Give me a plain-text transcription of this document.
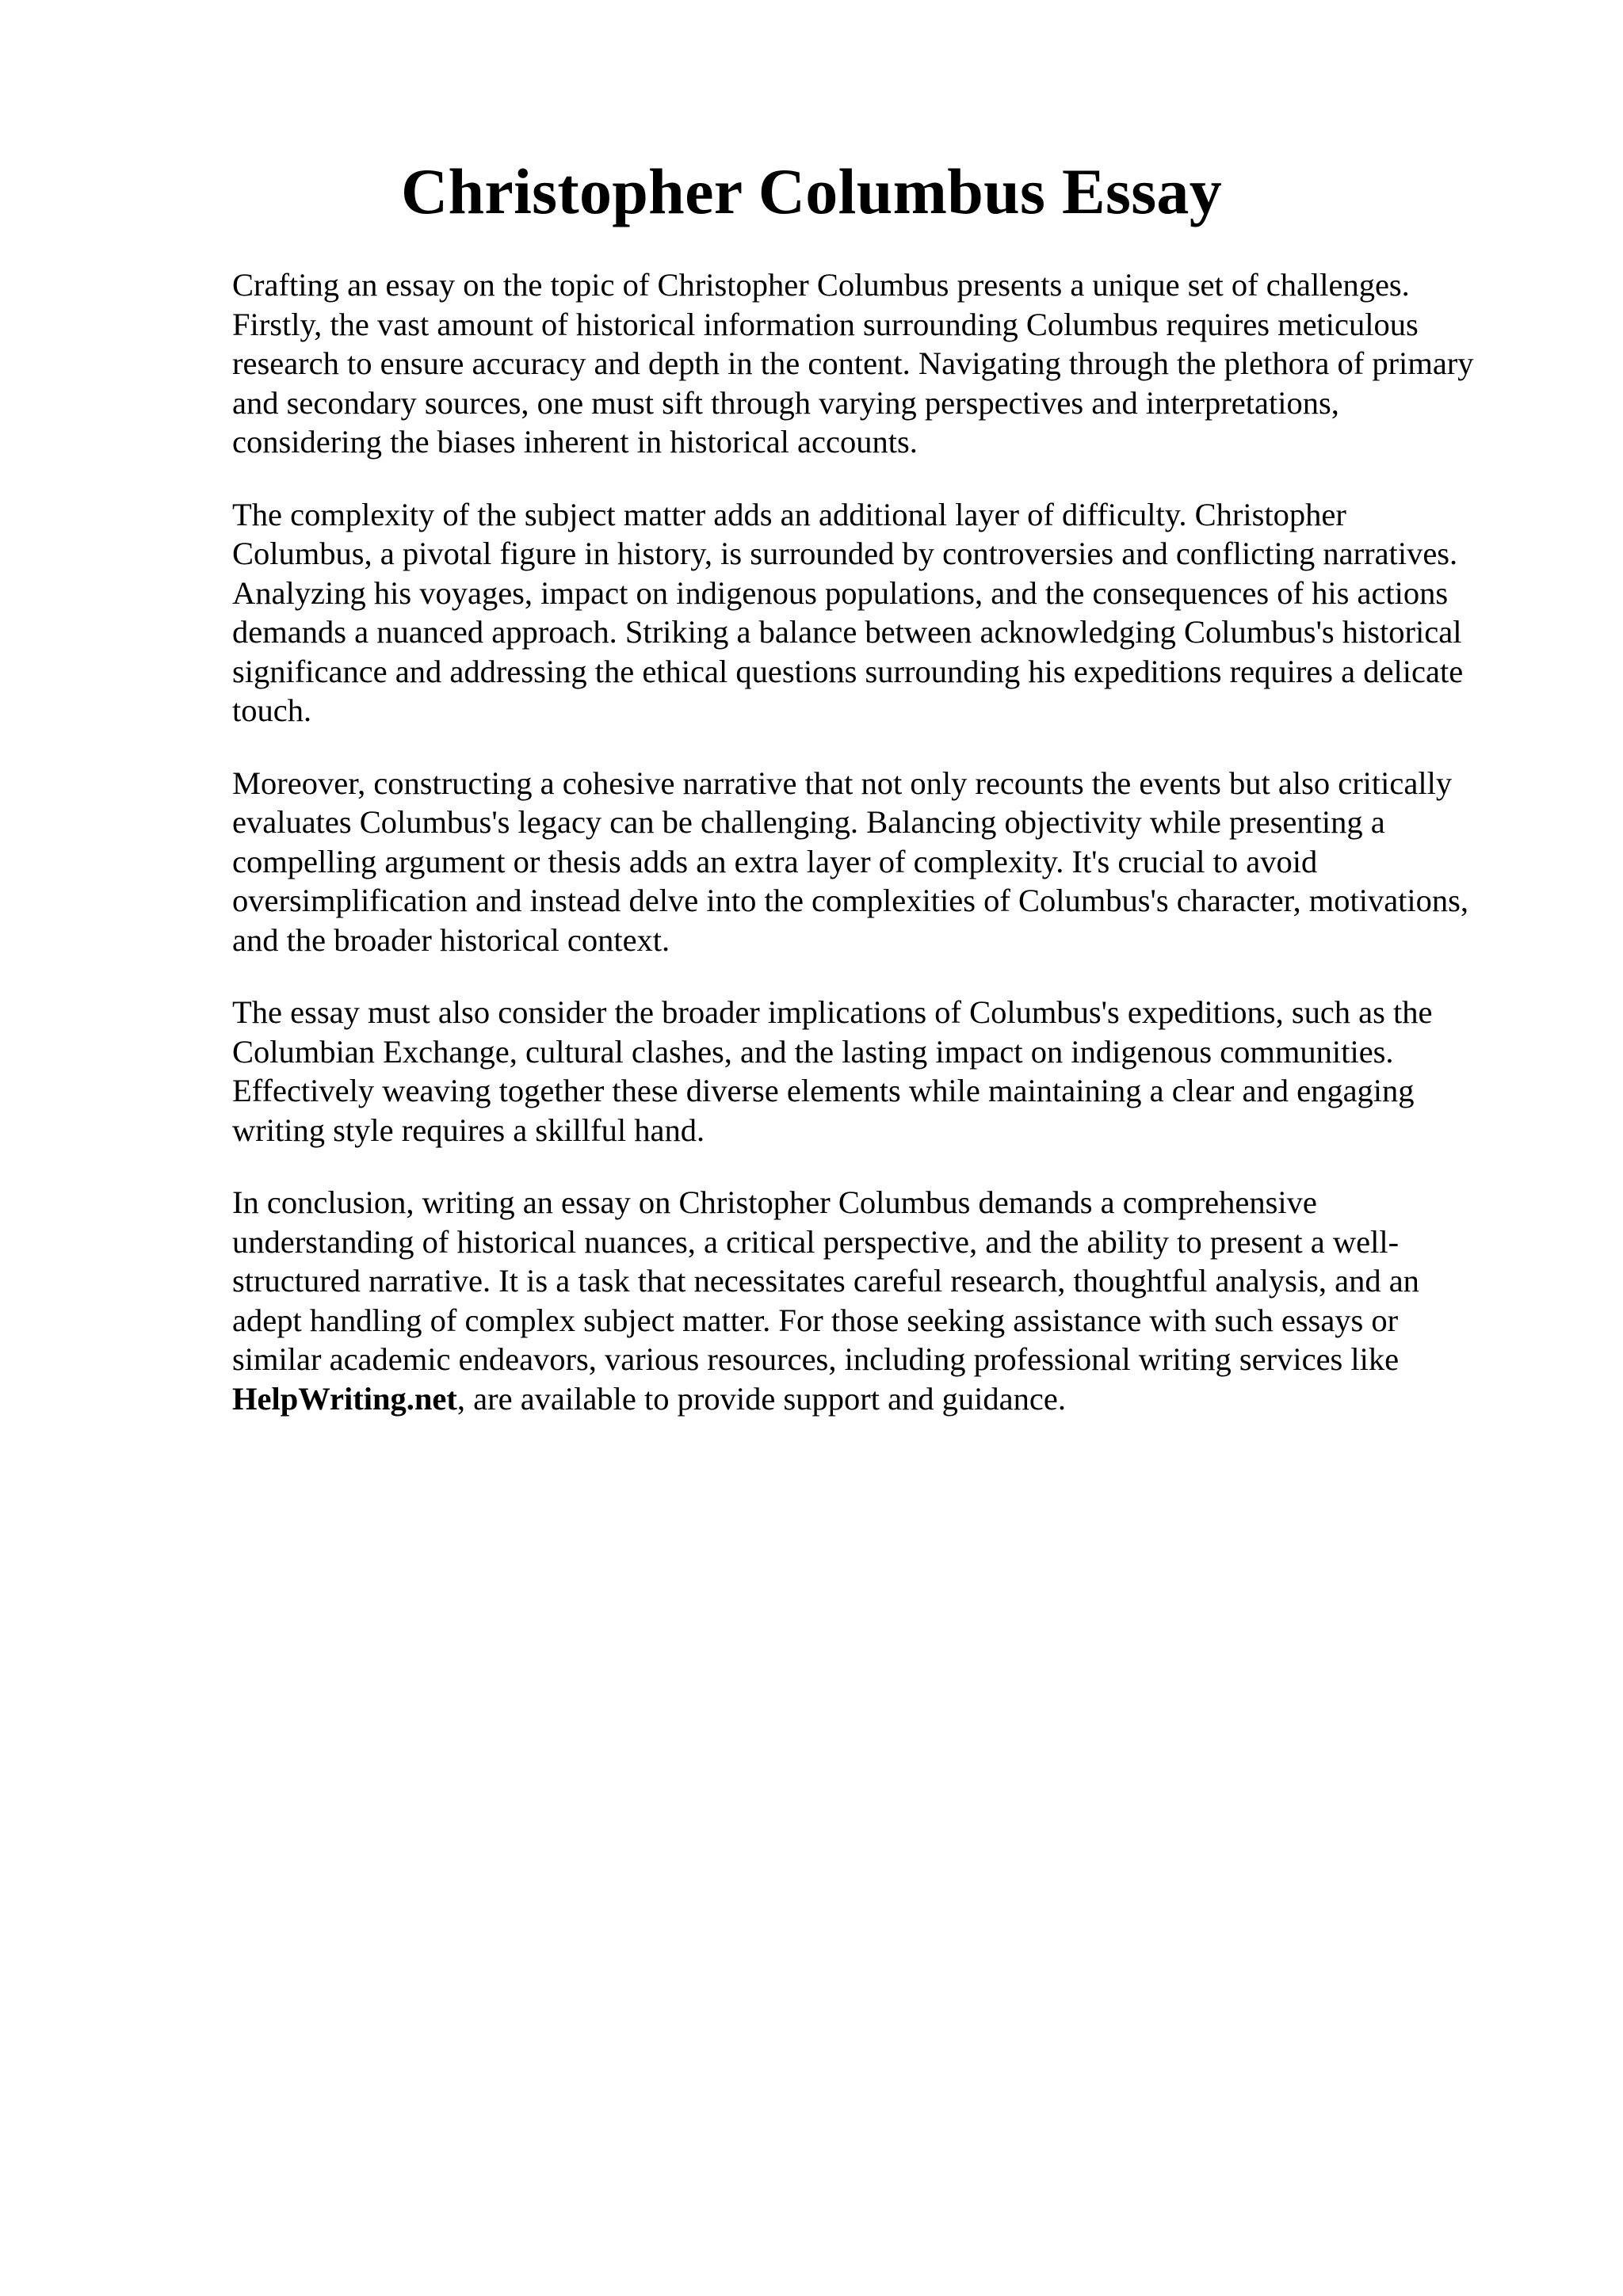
Christopher Columbus Essay

Crafting an essay on the topic of Christopher Columbus presents a unique set of challenges.
Firstly, the vast amount of historical information surrounding Columbus requires meticulous
research to ensure accuracy and depth in the content. Navigating through the plethora of primary
and secondary sources, one must sift through varying perspectives and interpretations,
considering the biases inherent in historical accounts.

The complexity of the subject matter adds an additional layer of difficulty. Christopher
Columbus, a pivotal figure in history, is surrounded by controversies and conflicting narratives.
Analyzing his voyages, impact on indigenous populations, and the consequences of his actions
demands a nuanced approach. Striking a balance between acknowledging Columbus's historical
significance and addressing the ethical questions surrounding his expeditions requires a delicate
touch.

Moreover, constructing a cohesive narrative that not only recounts the events but also critically
evaluates Columbus's legacy can be challenging. Balancing objectivity while presenting a
compelling argument or thesis adds an extra layer of complexity. It's crucial to avoid
oversimplification and instead delve into the complexities of Columbus's character, motivations,
and the broader historical context.

The essay must also consider the broader implications of Columbus's expeditions, such as the
Columbian Exchange, cultural clashes, and the lasting impact on indigenous communities.
Effectively weaving together these diverse elements while maintaining a clear and engaging
writing style requires a skillful hand.

In conclusion, writing an essay on Christopher Columbus demands a comprehensive
understanding of historical nuances, a critical perspective, and the ability to present a well-
structured narrative. It is a task that necessitates careful research, thoughtful analysis, and an
adept handling of complex subject matter. For those seeking assistance with such essays or
similar academic endeavors, various resources, including professional writing services like
HelpWriting.net, are available to provide support and guidance.
